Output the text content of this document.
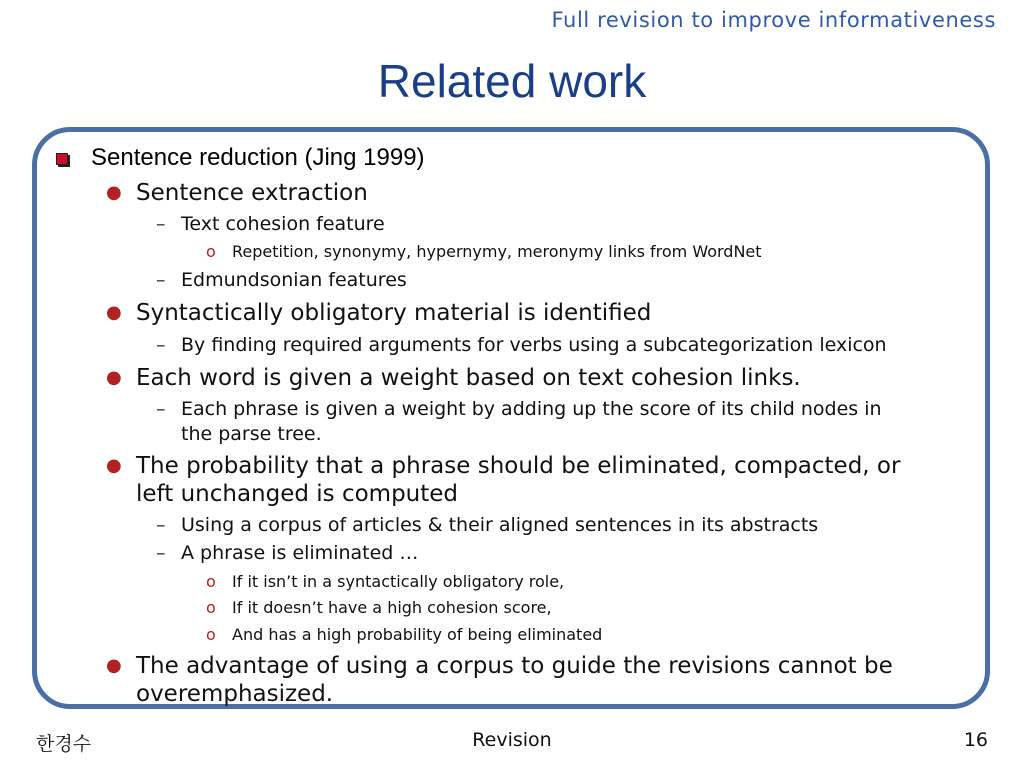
Full revision to improve informativeness
Related work
Sentence reduction (Jing 1999)
● Sentence extraction
– Text cohesion feature
o Repetition, synonymy, hypernymy, meronymy links from WordNet
– Edmundsonian features
● Syntactically obligatory material is identified
– By finding required arguments for verbs using a subcategorization lexicon
● Each word is given a weight based on text cohesion links.
– Each phrase is given a weight by adding up the score of its child nodes in
the parse tree.
● The probability that a phrase should be eliminated, compacted, or
left unchanged is computed
– Using a corpus of articles & their aligned sentences in its abstracts
– A phrase is eliminated …
o If it isn’t in a syntactically obligatory role,
o If it doesn’t have a high cohesion score,
o And has a high probability of being eliminated
● The advantage of using a corpus to guide the revisions cannot be
overemphasized.
한경수	Revision	16
